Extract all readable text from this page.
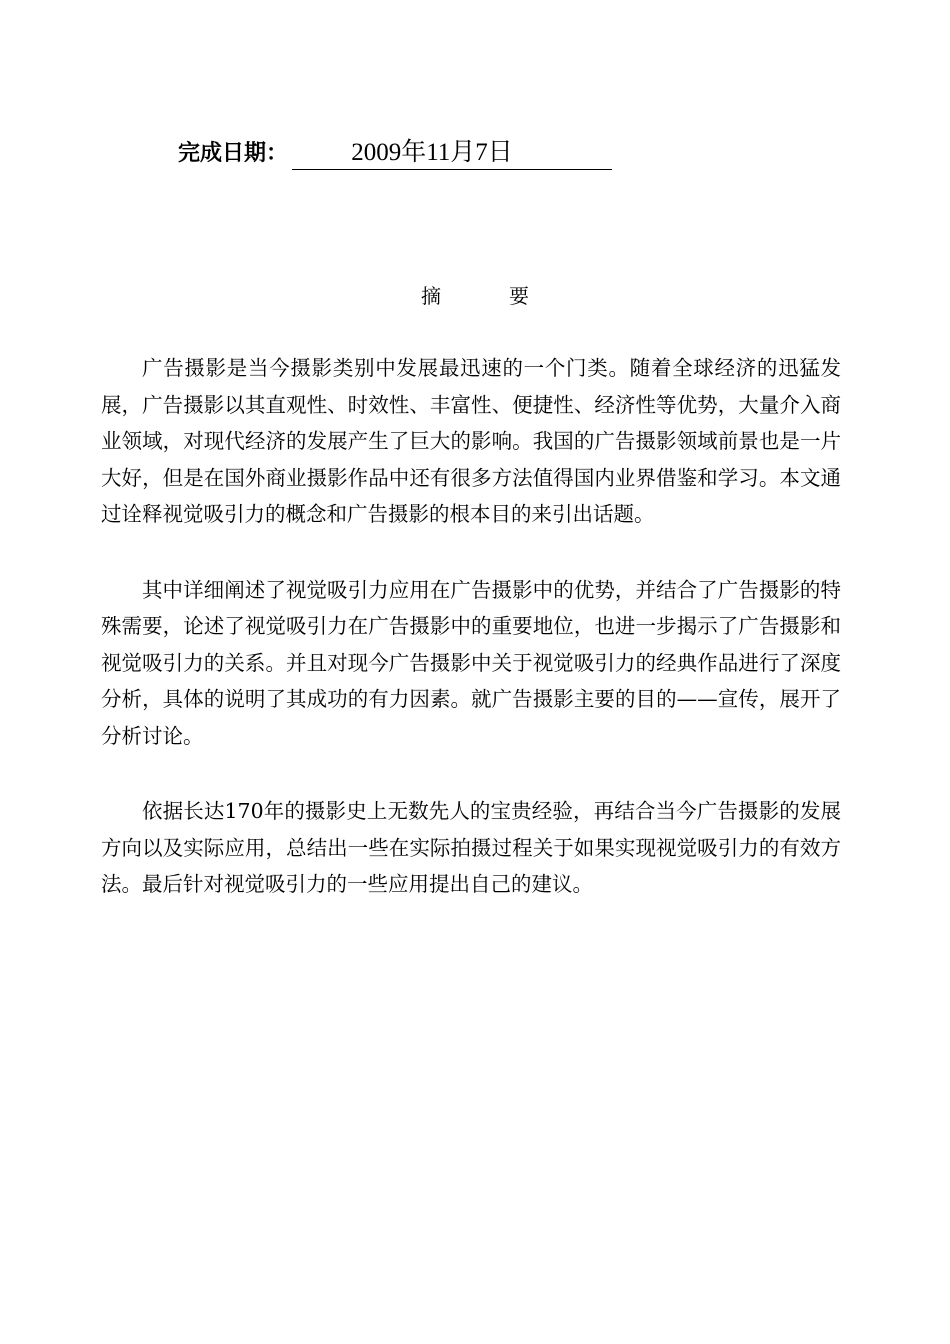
完成日期：	2009年11月7日
摘	要

广告摄影是当今摄影类别中发展最迅速的一个门类。随着全球经济的迅猛发展，广告摄影以其直观性、时效性、丰富性、便捷性、经济性等优势，大量介入商业领域，对现代经济的发展产生了巨大的影响。我国的广告摄影领域前景也是一片大好，但是在国外商业摄影作品中还有很多方法值得国内业界借鉴和学习。本文通过诠释视觉吸引力的概念和广告摄影的根本目的来引出话题。

其中详细阐述了视觉吸引力应用在广告摄影中的优势，并结合了广告摄影的特殊需要，论述了视觉吸引力在广告摄影中的重要地位，也进一步揭示了广告摄影和视觉吸引力的关系。并且对现今广告摄影中关于视觉吸引力的经典作品进行了深度分析，具体的说明了其成功的有力因素。就广告摄影主要的目的——宣传，展开了分析讨论。

依据长达170年的摄影史上无数先人的宝贵经验，再结合当今广告摄影的发展方向以及实际应用，总结出一些在实际拍摄过程关于如果实现视觉吸引力的有效方法。最后针对视觉吸引力的一些应用提出自己的建议。
